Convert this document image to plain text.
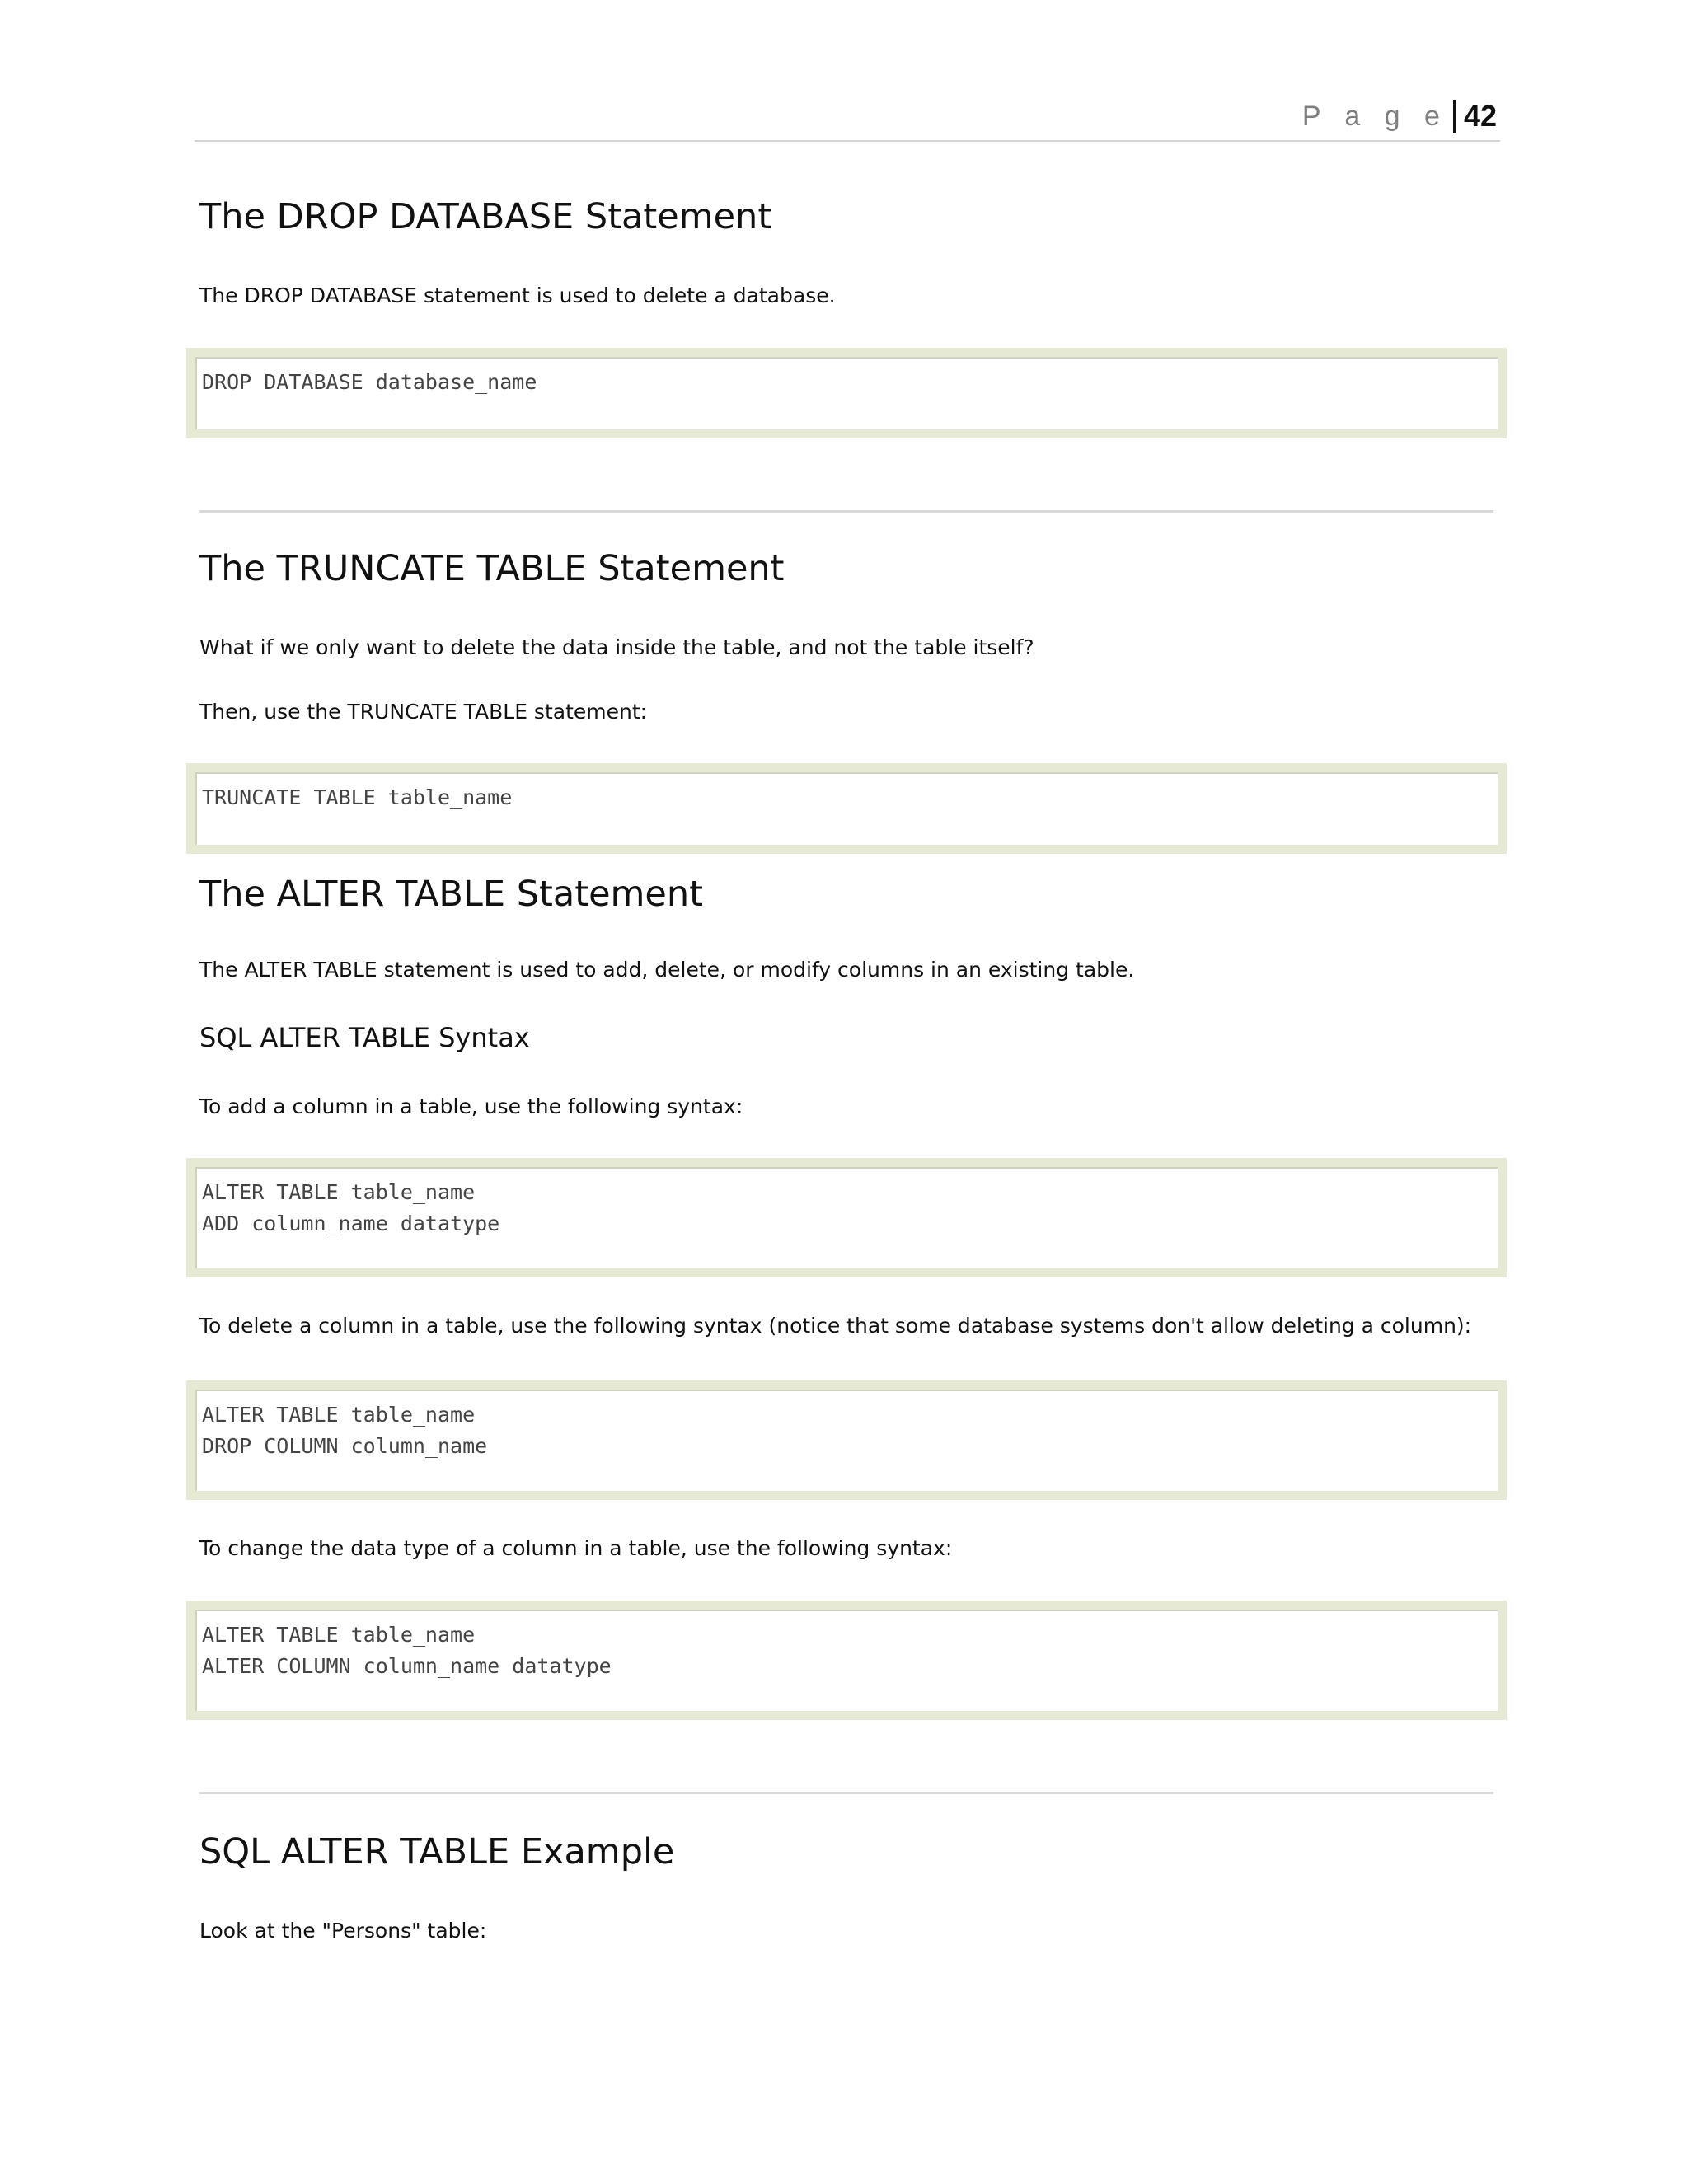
P a g e 42
The DROP DATABASE Statement

The DROP DATABASE statement is used to delete a database.

DROP DATABASE database_name
The TRUNCATE TABLE Statement

What if we only want to delete the data inside the table, and not the table itself?

Then, use the TRUNCATE TABLE statement:

TRUNCATE TABLE table_name
The ALTER TABLE Statement

The ALTER TABLE statement is used to add, delete, or modify columns in an existing table.

SQL ALTER TABLE Syntax

To add a column in a table, use the following syntax:

ALTER TABLE table_name
ADD column_name datatype

To delete a column in a table, use the following syntax (notice that some database systems don't allow deleting a column):

ALTER TABLE table_name
DROP COLUMN column_name

To change the data type of a column in a table, use the following syntax:

ALTER TABLE table_name
ALTER COLUMN column_name datatype
SQL ALTER TABLE Example

Look at the "Persons" table:
